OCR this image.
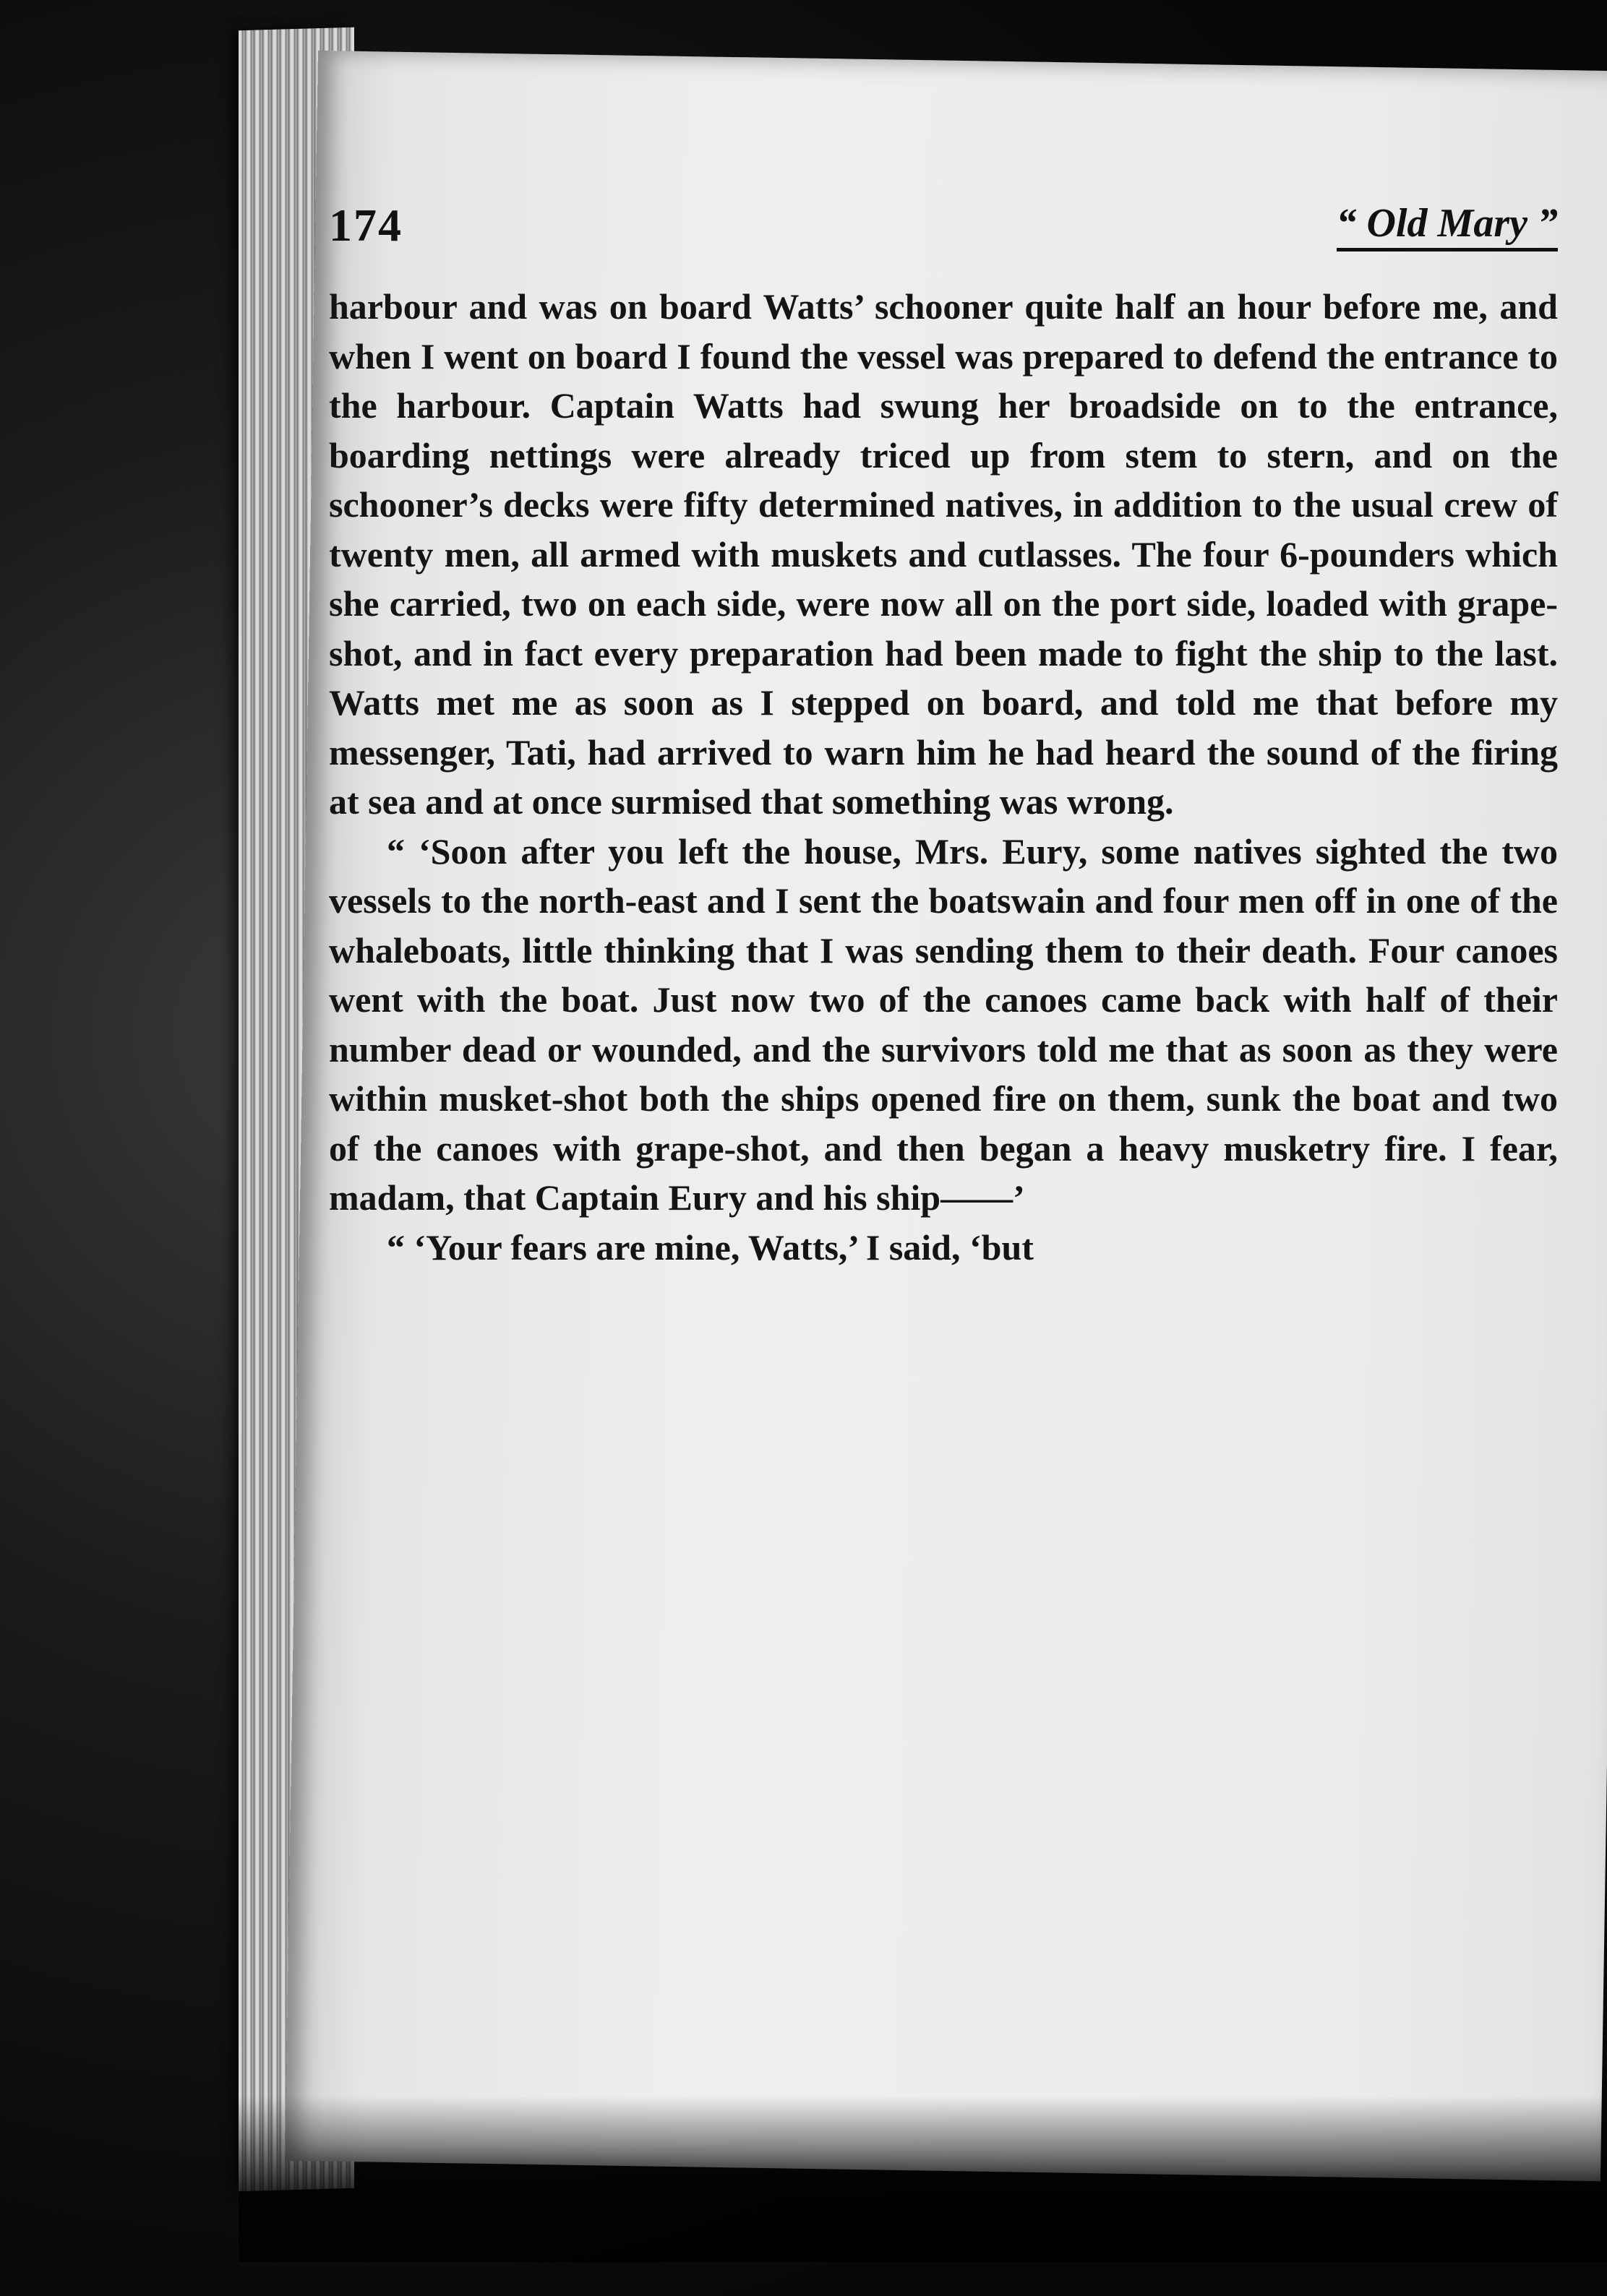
174	“ Old Mary ”

harbour and was on board Watts’ schooner quite half an hour before me, and when I went on board I found the vessel was prepared to defend the entrance to the harbour. Captain Watts had swung her broadside on to the entrance, boarding nettings were already triced up from stem to stern, and on the schooner’s decks were fifty determined natives, in addition to the usual crew of twenty men, all armed with muskets and cutlasses. The four 6-pounders which she carried, two on each side, were now all on the port side, loaded with grape-shot, and in fact every preparation had been made to fight the ship to the last. Watts met me as soon as I stepped on board, and told me that before my messenger, Tati, had arrived to warn him he had heard the sound of the firing at sea and at once surmised that something was wrong.

“ ‘Soon after you left the house, Mrs. Eury, some natives sighted the two vessels to the north-east and I sent the boatswain and four men off in one of the whaleboats, little thinking that I was sending them to their death. Four canoes went with the boat. Just now two of the canoes came back with half of their number dead or wounded, and the survivors told me that as soon as they were within musket-shot both the ships opened fire on them, sunk the boat and two of the canoes with grape-shot, and then began a heavy musketry fire. I fear, madam, that Captain Eury and his ship——’

“ ‘Your fears are mine, Watts,’ I said, ‘but
